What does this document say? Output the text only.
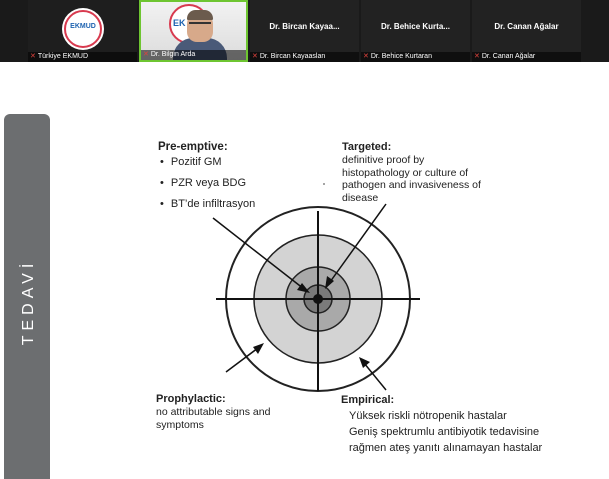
EKMUD
✕ Türkiye EKMUD
EK
✕ Dr. Bilgin Arda
Dr. Bircan Kayaa...
✕ Dr. Bircan Kayaaslan
Dr. Behice Kurta...
✕ Dr. Behice Kurtaran
Dr. Canan Ağalar
✕ Dr. Canan Ağalar
TEDAVİ
Pre-emptive:
• Pozitif GM
• PZR veya BDG
• BT’de infiltrasyon
Targeted:
definitive proof by histopathology or culture of pathogen and invasiveness of disease
Prophylactic:
no attributable signs and symptoms
Empirical:
Yüksek riskli nötropenik hastalar
Geniş spektrumlu antibiyotik tedavisine
rağmen ateş yanıtı alınamayan hastalar
